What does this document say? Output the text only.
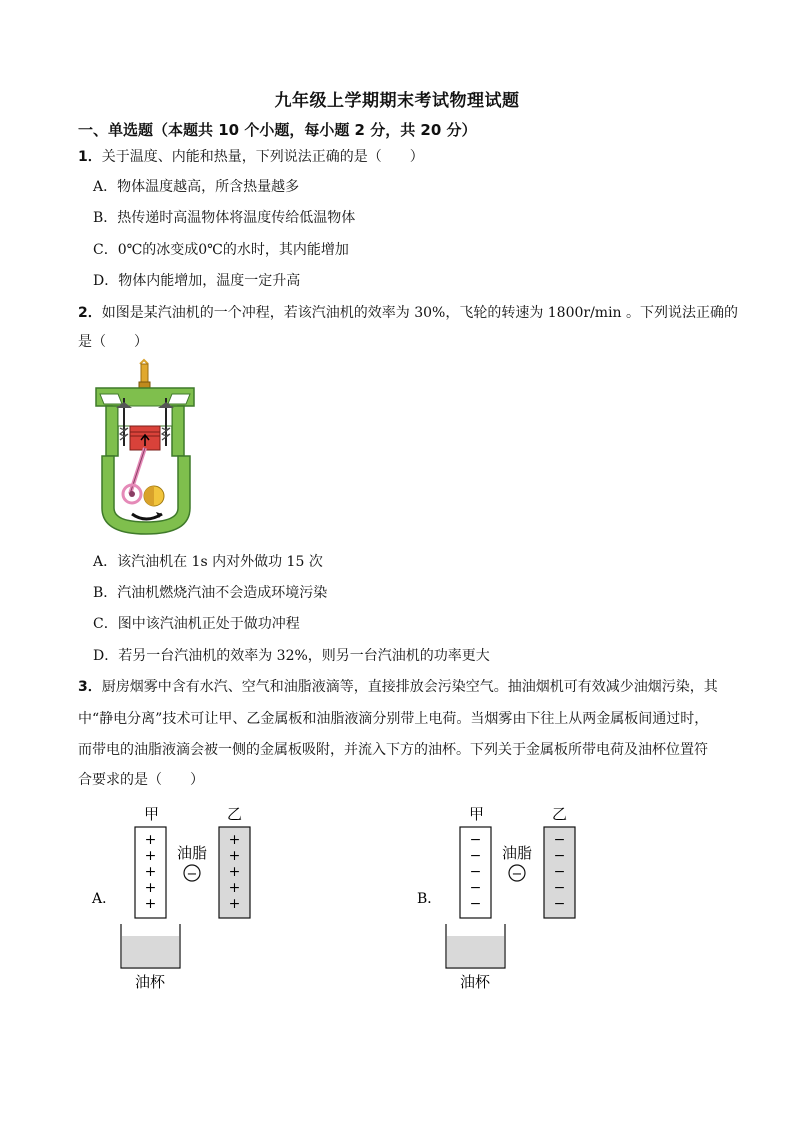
九年级上学期期末考试物理试题
一、单选题（本题共 10 个小题，每小题 2 分，共 20 分）
1．关于温度、内能和热量，下列说法正确的是（　　）
A．物体温度越高，所含热量越多
B．热传递时高温物体将温度传给低温物体
C．0℃的冰变成0℃的水时，其内能增加
D．物体内能增加，温度一定升高
2．如图是某汽油机的一个冲程，若该汽油机的效率为 30%，飞轮的转速为 1800r/min 。下列说法正确的
是（　　）
A．该汽油机在 1s 内对外做功 15 次
B．汽油机燃烧汽油不会造成环境污染
C．图中该汽油机正处于做功冲程
D．若另一台汽油机的效率为 32%，则另一台汽油机的功率更大
3．厨房烟雾中含有水汽、空气和油脂液滴等，直接排放会污染空气。抽油烟机可有效减少油烟污染，其
中“静电分离”技术可让甲、乙金属板和油脂液滴分别带上电荷。当烟雾由下往上从两金属板间通过时，
而带电的油脂液滴会被一侧的金属板吸附，并流入下方的油杯。下列关于金属板所带电荷及油杯位置符
合要求的是（　　）
A．
甲	乙
+
+
+
+
+
+
+
+
+
+
油脂
−
油杯
B．
甲	乙
−
−
−
−
−
−
−
−
−
−
油脂
−
油杯
